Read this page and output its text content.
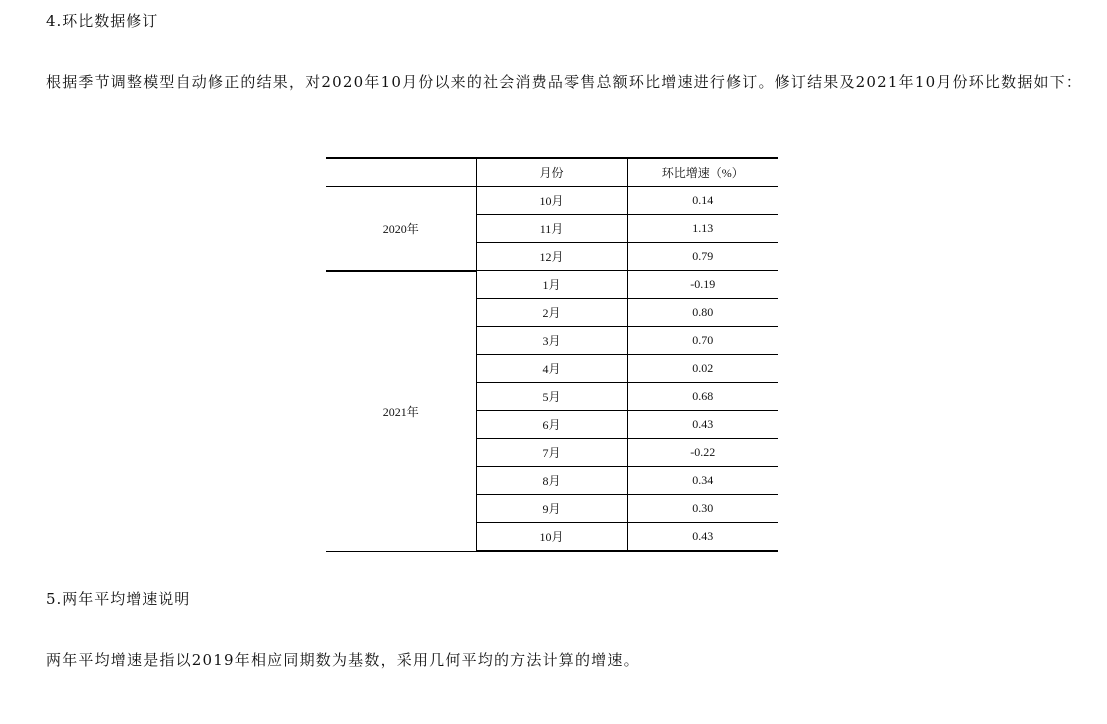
4.环比数据修订
根据季节调整模型自动修正的结果，对2020年10月份以来的社会消费品零售总额环比增速进行修订。修订结果及2021年10月份环比数据如下：
	月份	环比增速（%）
2020年	10月	0.14
	11月	1.13
	12月	0.79
2021年	1月	-0.19
	2月	0.80
	3月	0.70
	4月	0.02
	5月	0.68
	6月	0.43
	7月	-0.22
	8月	0.34
	9月	0.30
	10月	0.43
5.两年平均增速说明
两年平均增速是指以2019年相应同期数为基数，采用几何平均的方法计算的增速。
